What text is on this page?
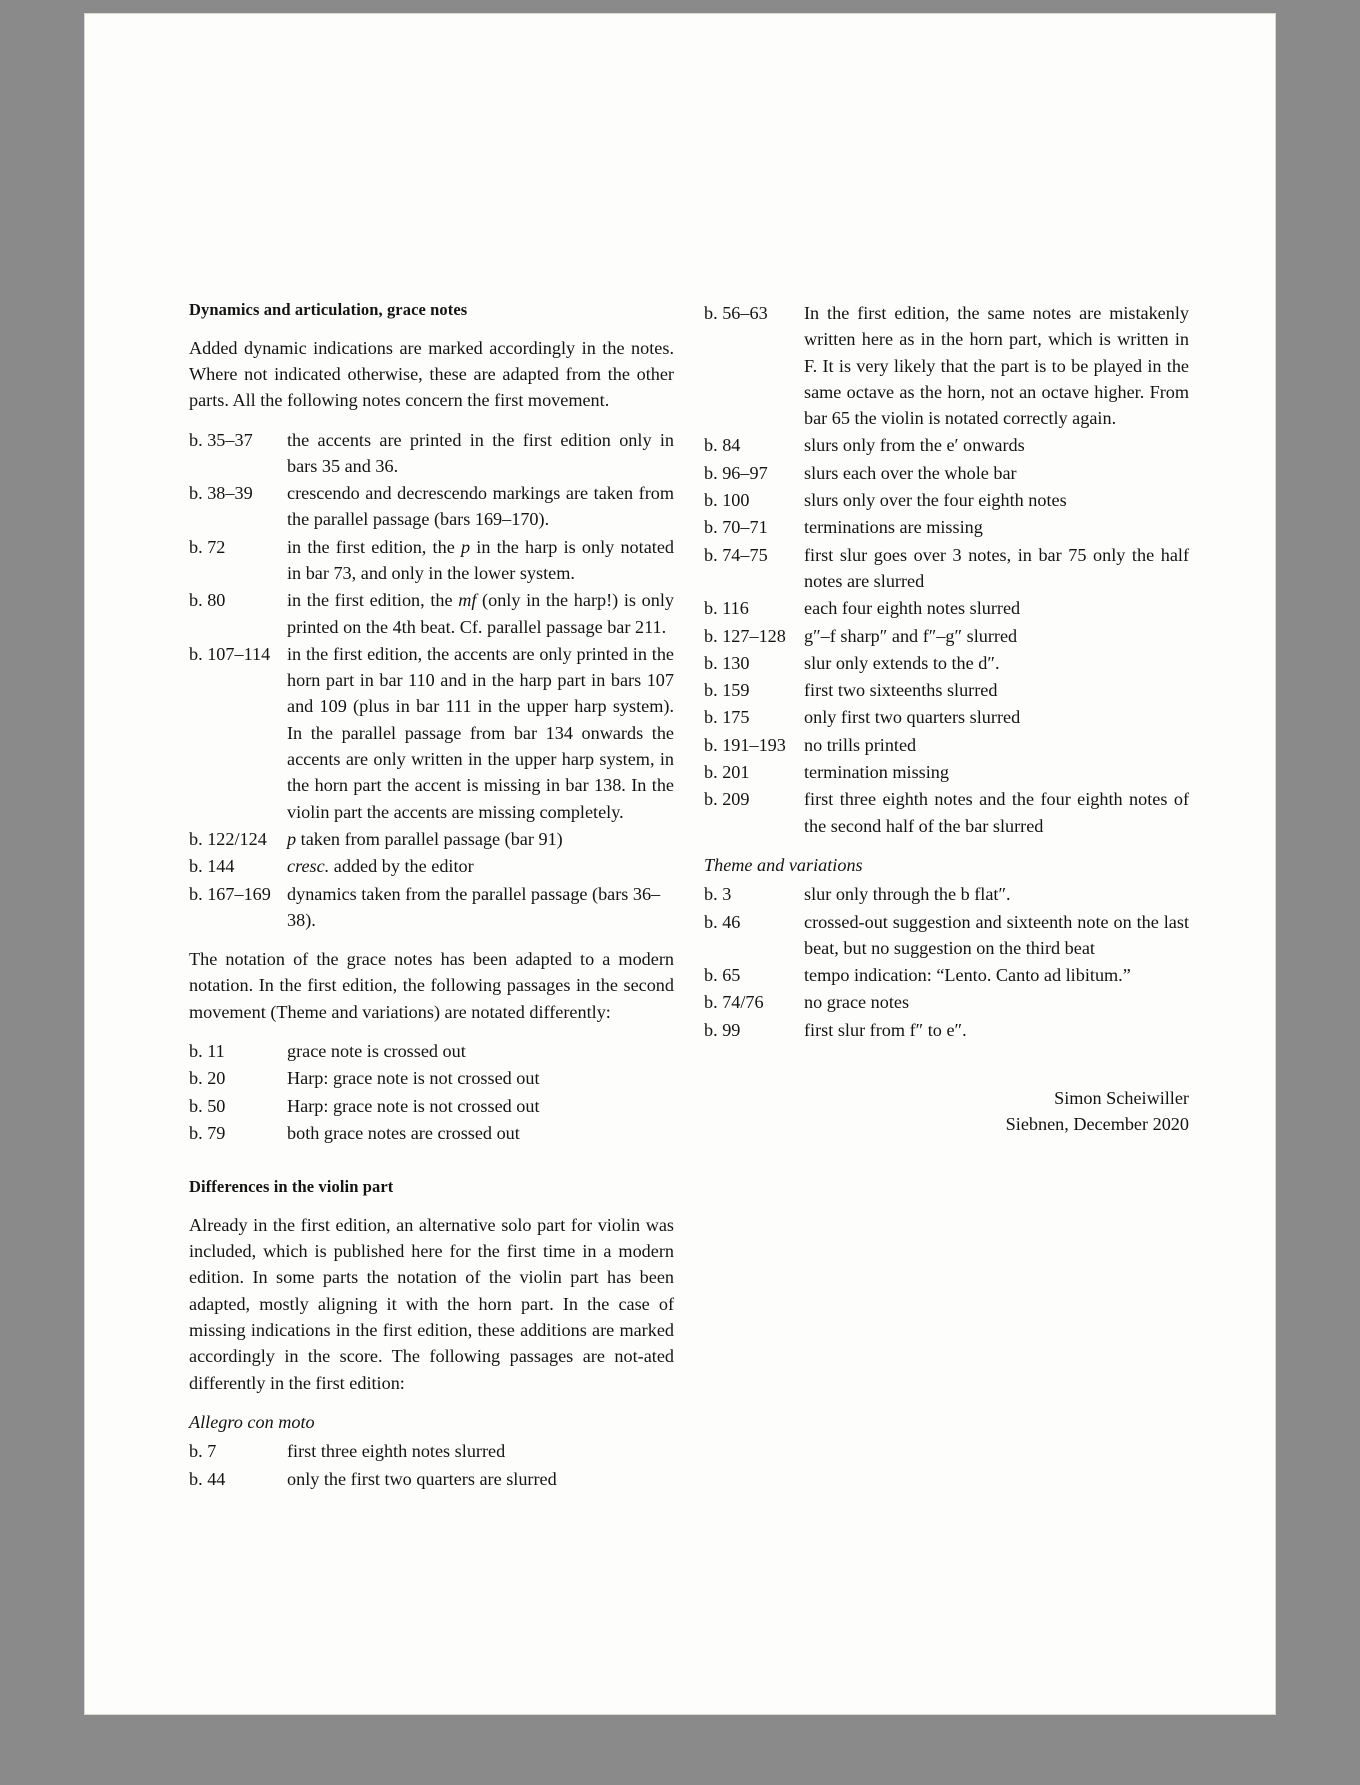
Dynamics and articulation, grace notes

Added dynamic indications are marked accordingly in the notes. Where not indicated otherwise, these are adapted from the other parts. All the following notes concern the first movement.

b. 35–37	the accents are printed in the first edition only in bars 35 and 36.
b. 38–39	crescendo and decrescendo markings are taken from the parallel passage (bars 169–170).
b. 72	in the first edition, the p in the harp is only notated in bar 73, and only in the lower system.
b. 80	in the first edition, the mf (only in the harp!) is only printed on the 4th beat. Cf. parallel passage bar 211.
b. 107–114 in the first edition, the accents are only printed in the horn part in bar 110 and in the harp part in bars 107 and 109 (plus in bar 111 in the upper harp system). In the parallel passage from bar 134 onwards the accents are only written in the upper harp system, in the horn part the accent is missing in bar 138. In the violin part the accents are missing completely.
b. 122/124	p taken from parallel passage (bar 91)
b. 144	cresc. added by the editor
b. 167–169 dynamics taken from the parallel passage (bars 36–38).

The notation of the grace notes has been adapted to a modern notation. In the first edition, the following passages in the second movement (Theme and variations) are notated differently:

b. 11	grace note is crossed out
b. 20	Harp: grace note is not crossed out
b. 50	Harp: grace note is not crossed out
b. 79	both grace notes are crossed out
Differences in the violin part

Already in the first edition, an alternative solo part for violin was included, which is published here for the first time in a modern edition. In some parts the notation of the violin part has been adapted, mostly aligning it with the horn part. In the case of missing indications in the first edition, these additions are marked accordingly in the score. The following passages are not-ated differently in the first edition:

Allegro con moto
b. 7	first three eighth notes slurred
b. 44	only the first two quarters are slurred
b. 56–63	In the first edition, the same notes are mistakenly written here as in the horn part, which is written in F. It is very likely that the part is to be played in the same octave as the horn, not an octave higher. From bar 65 the violin is notated correctly again.
b. 84	slurs only from the e′ onwards
b. 96–97	slurs each over the whole bar
b. 100	slurs only over the four eighth notes
b. 70–71	terminations are missing
b. 74–75	first slur goes over 3 notes, in bar 75 only the half notes are slurred
b. 116	each four eighth notes slurred
b. 127–128 g″–f sharp″ and f″–g″ slurred
b. 130	slur only extends to the d″.
b. 159	first two sixteenths slurred
b. 175	only first two quarters slurred
b. 191–193 no trills printed
b. 201	termination missing
b. 209	first three eighth notes and the four eighth notes of the second half of the bar slurred
Theme and variations
b. 3	slur only through the b flat″.
b. 46	crossed-out suggestion and sixteenth note on the last beat, but no suggestion on the third beat
b. 65	tempo indication: “Lento. Canto ad libitum.”
b. 74/76	no grace notes
b. 99	first slur from f″ to e″.
Simon Scheiwiller
Siebnen, December 2020
